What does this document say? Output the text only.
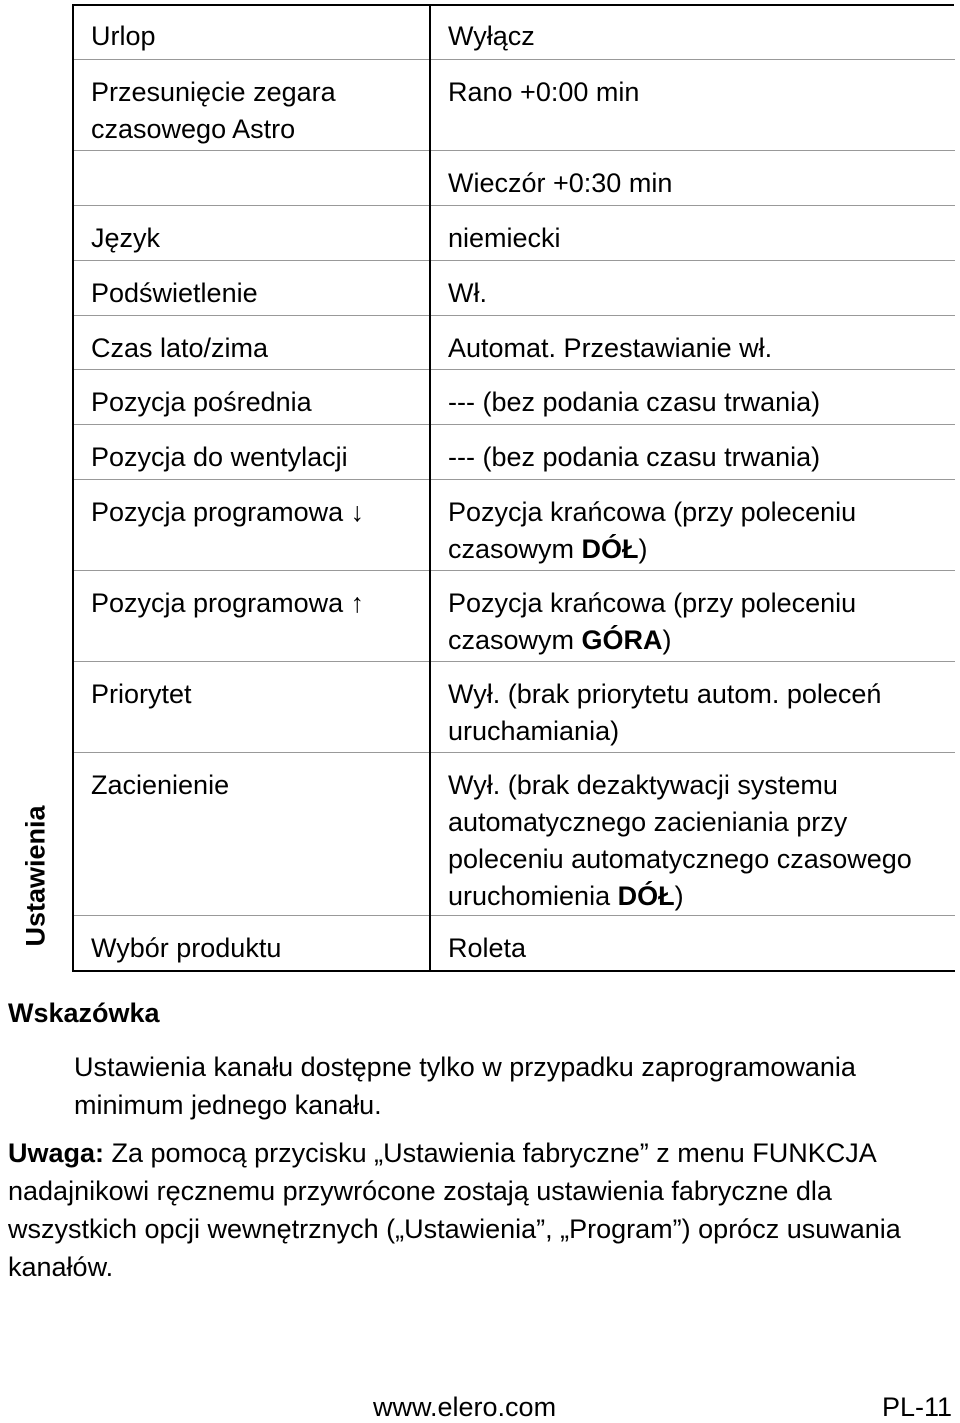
Ustawienia
Urlop	Wyłącz
Przesunięcie zegara czasowego Astro	Rano +0:00 min
	Wieczór +0:30 min
Język	niemiecki
Podświetlenie	Wł.
Czas lato/zima	Automat. Przestawianie wł.
Pozycja pośrednia	--- (bez podania czasu trwania)
Pozycja do wentylacji	--- (bez podania czasu trwania)
Pozycja programowa ↓	Pozycja krańcowa (przy poleceniu czasowym DÓŁ)
Pozycja programowa ↑	Pozycja krańcowa (przy poleceniu czasowym GÓRA)
Priorytet	Wył. (brak priorytetu autom. poleceń uruchamiania)
Zacienienie	Wył. (brak dezaktywacji systemu automatycznego zacieniania przy poleceniu automatycznego czasowego uruchomienia DÓŁ)
Wybór produktu	Roleta
Wskazówka
Ustawienia kanału dostępne tylko w przypadku zaprogramowania minimum jednego kanału.
Uwaga: Za pomocą przycisku „Ustawienia fabryczne” z menu FUNKCJA nadajnikowi ręcznemu przywrócone zostają ustawienia fabryczne dla wszystkich opcji wewnętrznych („Ustawienia”, „Program”) oprócz usuwania kanałów.
www.elero.com	PL-11
